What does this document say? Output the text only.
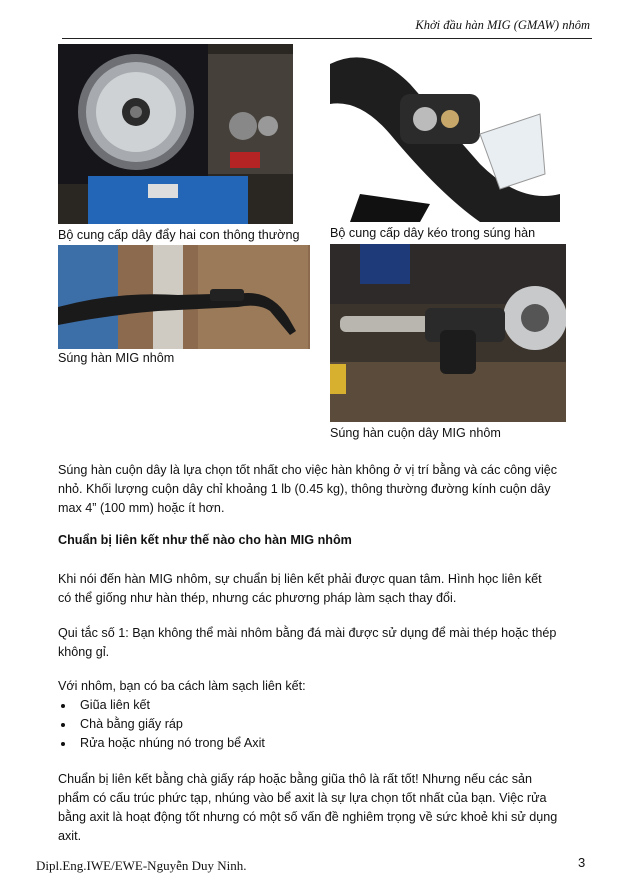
Khởi đầu hàn MIG (GMAW) nhôm
Bộ cung cấp dây đẩy hai con thông thường Bộ cung cấp dây kéo trong súng hàn
Súng hàn MIG nhôm
Súng hàn cuộn dây MIG nhôm
Súng hàn cuộn dây là lựa chọn tốt nhất cho việc hàn không ở vị trí bằng và các công việc
nhỏ. Khối lượng cuộn dây chỉ khoảng 1 lb (0.45 kg), thông thường đường kính cuộn dây
max 4” (100 mm) hoặc ít hơn.
Chuẩn bị liên kết như thế nào cho hàn MIG nhôm
Khi nói đến hàn MIG nhôm, sự chuẩn bị liên kết phải được quan tâm. Hình học liên kết
có thể giống như hàn thép, nhưng các phương pháp làm sạch thay đổi.
Qui tắc số 1: Bạn không thể mài nhôm bằng đá mài được sử dụng để mài thép hoặc thép
không gỉ.
Với nhôm, bạn có ba cách làm sạch liên kết:
Giũa liên kết
Chà bằng giấy ráp
Rửa hoặc nhúng nó trong bể Axit
Chuẩn bị liên kết bằng chà giấy ráp hoặc bằng giũa thô là rất tốt! Nhưng nếu các sản
phẩm có cấu trúc phức tạp, nhúng vào bể axit là sự lựa chọn tốt nhất của bạn. Việc rửa
bằng axit là hoạt động tốt nhưng có một số vấn đề nghiêm trọng về sức khoẻ khi sử dụng
axit.
Dipl.Eng.IWE/EWE-Nguyễn Duy Ninh.	3
